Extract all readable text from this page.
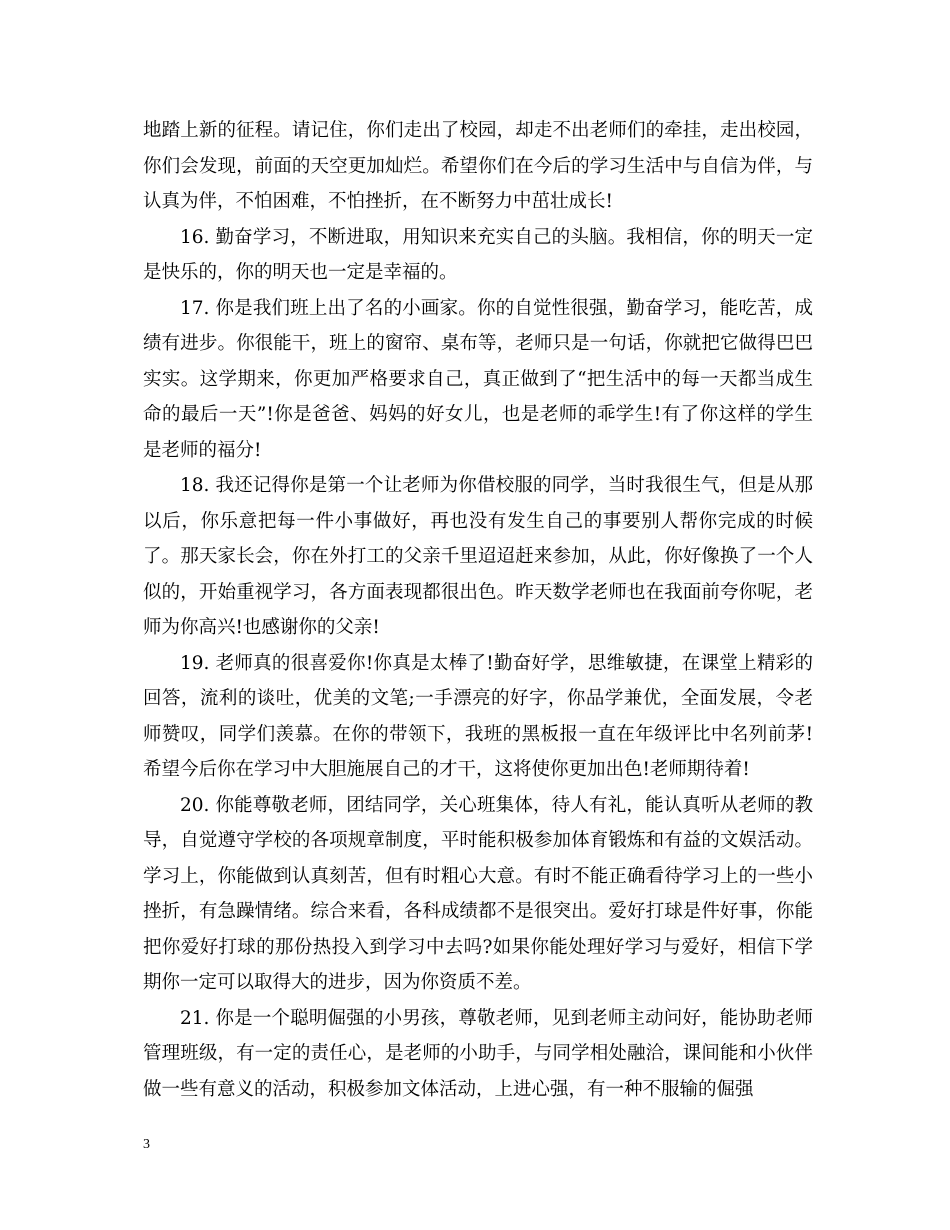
地踏上新的征程。请记住，你们走出了校园，却走不出老师们的牵挂，走出校园，你们会发现，前面的天空更加灿烂。希望你们在今后的学习生活中与自信为伴，与认真为伴，不怕困难，不怕挫折，在不断努力中茁壮成长!

16. 勤奋学习，不断进取，用知识来充实自己的头脑。我相信，你的明天一定是快乐的，你的明天也一定是幸福的。

17. 你是我们班上出了名的小画家。你的自觉性很强，勤奋学习，能吃苦，成绩有进步。你很能干，班上的窗帘、桌布等，老师只是一句话，你就把它做得巴巴实实。这学期来，你更加严格要求自己，真正做到了“把生活中的每一天都当成生命的最后一天”!你是爸爸、妈妈的好女儿，也是老师的乖学生!有了你这样的学生是老师的福分!

18. 我还记得你是第一个让老师为你借校服的同学，当时我很生气，但是从那以后，你乐意把每一件小事做好，再也没有发生自己的事要别人帮你完成的时候了。那天家长会，你在外打工的父亲千里迢迢赶来参加，从此，你好像换了一个人似的，开始重视学习，各方面表现都很出色。昨天数学老师也在我面前夸你呢，老师为你高兴!也感谢你的父亲!

19. 老师真的很喜爱你!你真是太棒了!勤奋好学，思维敏捷，在课堂上精彩的回答，流利的谈吐，优美的文笔;一手漂亮的好字，你品学兼优，全面发展，令老师赞叹，同学们羡慕。在你的带领下，我班的黑板报一直在年级评比中名列前茅!希望今后你在学习中大胆施展自己的才干，这将使你更加出色!老师期待着!

20. 你能尊敬老师，团结同学，关心班集体，待人有礼，能认真听从老师的教导，自觉遵守学校的各项规章制度，平时能积极参加体育锻炼和有益的文娱活动。学习上，你能做到认真刻苦，但有时粗心大意。有时不能正确看待学习上的一些小挫折，有急躁情绪。综合来看，各科成绩都不是很突出。爱好打球是件好事，你能把你爱好打球的那份热投入到学习中去吗?如果你能处理好学习与爱好，相信下学期你一定可以取得大的进步，因为你资质不差。

21. 你是一个聪明倔强的小男孩，尊敬老师，见到老师主动问好，能协助老师管理班级，有一定的责任心，是老师的小助手，与同学相处融洽，课间能和小伙伴做一些有意义的活动，积极参加文体活动，上进心强，有一种不服输的倔强

3
